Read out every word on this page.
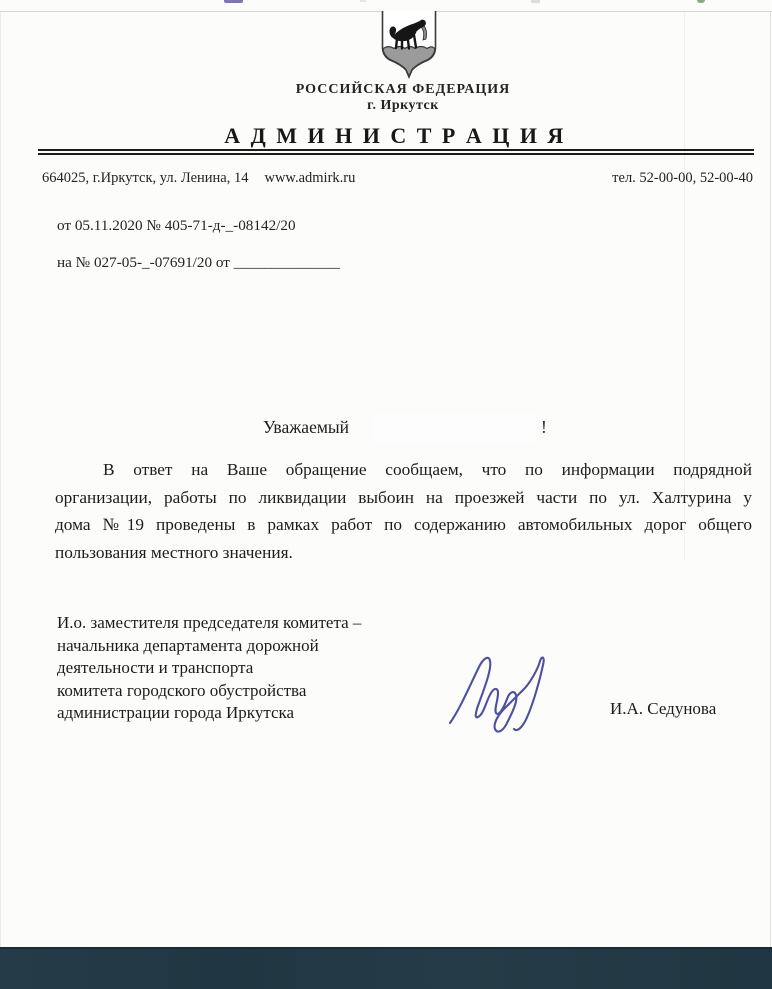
РОССИЙСКАЯ ФЕДЕРАЦИЯ
г. Иркутск
А Д М И Н И С Т Р А Ц И Я
664025, г.Иркутск, ул. Ленина, 14 www.admirk.ru	тел. 52-00-00, 52-00-40
от 05.11.2020 № 405-71-д-_-08142/20
на № 027-05-_-07691/20 от ______________
Уважаемый	!
В ответ на Ваше обращение сообщаем, что по информации подрядной
организации, работы по ликвидации выбоин на проезжей части по ул. Халтурина у
дома №19 проведены в рамках работ по содержанию автомобильных дорог общего
пользования местного значения.
И.о. заместителя председателя комитета –
начальника департамента дорожной
деятельности и транспорта
комитета городского обустройства
администрации города Иркутска	И.А. Седунова
